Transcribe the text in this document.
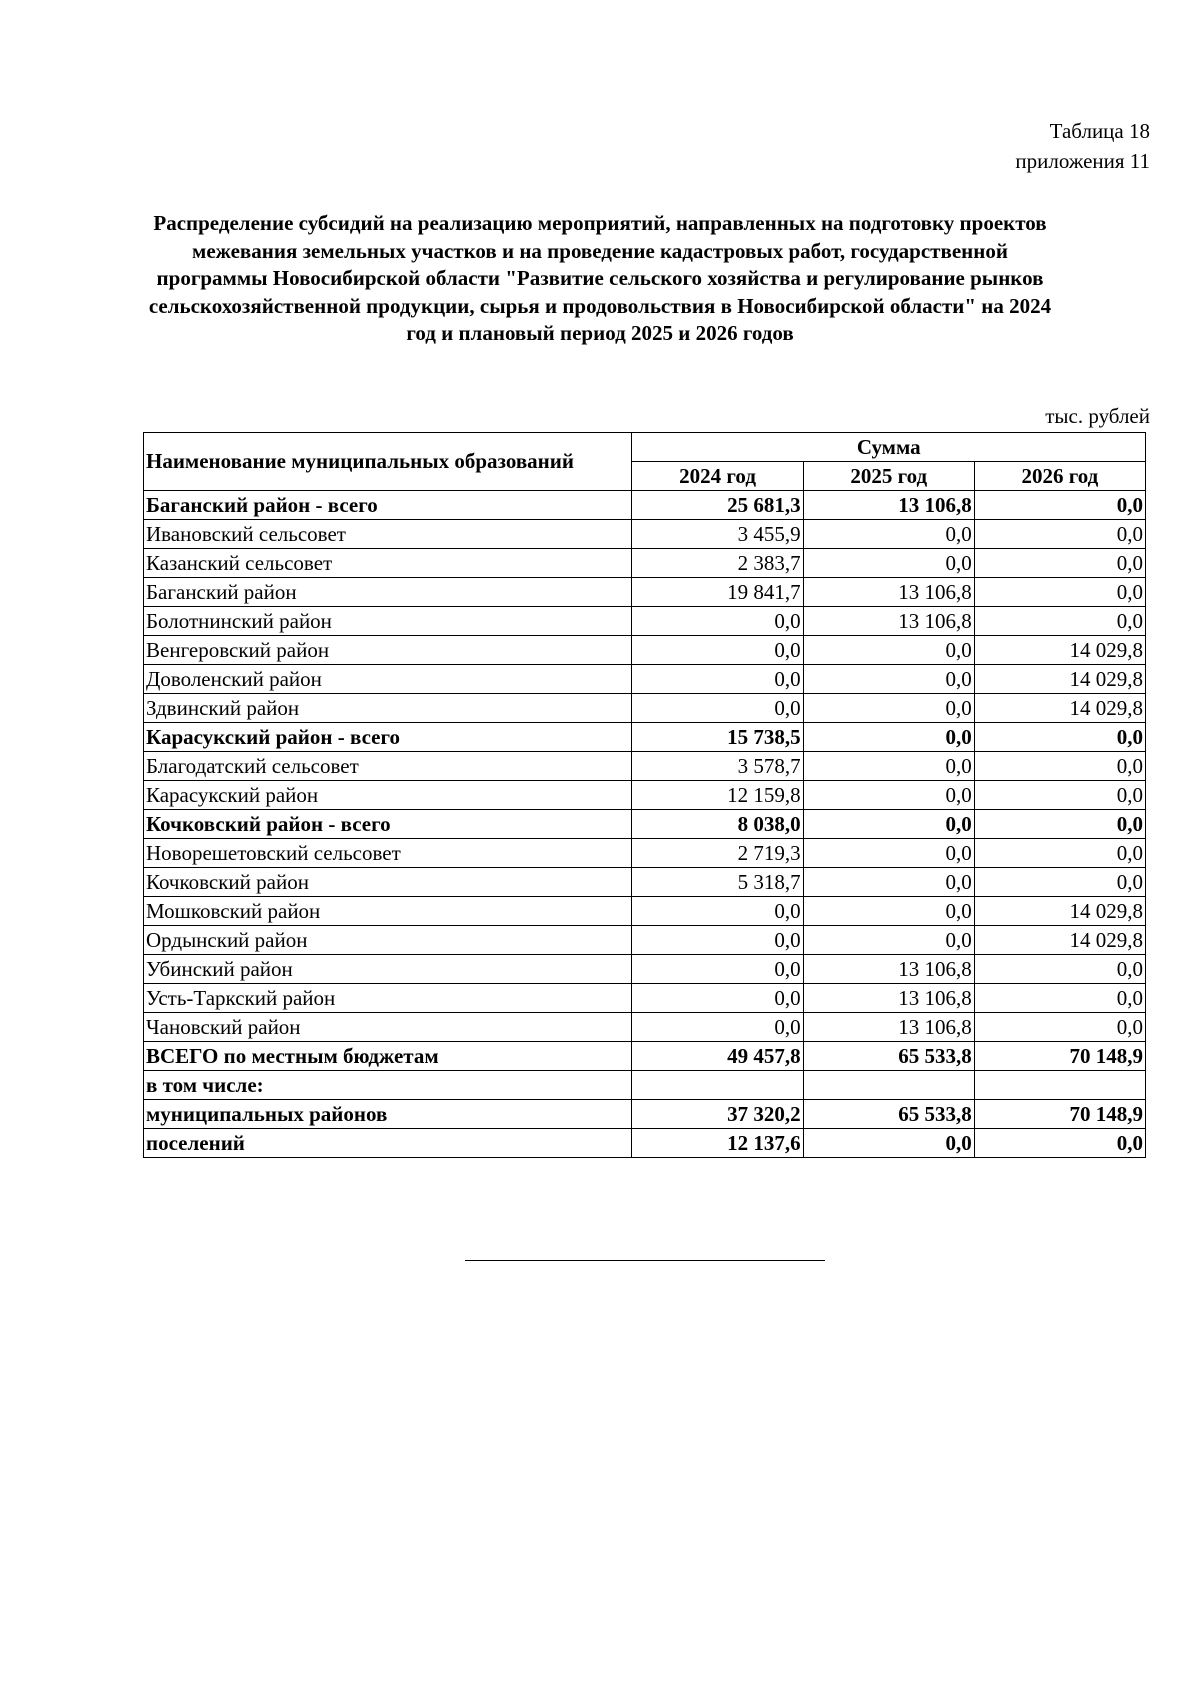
Таблица 18
приложения 11
Распределение субсидий на реализацию мероприятий, направленных на подготовку проектов межевания земельных участков и на проведение кадастровых работ, государственной программы Новосибирской области "Развитие сельского хозяйства и регулирование рынков сельскохозяйственной продукции, сырья и продовольствия в Новосибирской области" на 2024 год и плановый период 2025 и 2026 годов
тыс. рублей
Наименование муниципальных образований	Сумма		
	2024 год	2025 год	2026 год
Баганский район - всего	25 681,3	13 106,8	0,0
Ивановский сельсовет	3 455,9	0,0	0,0
Казанский сельсовет	2 383,7	0,0	0,0
Баганский район	19 841,7	13 106,8	0,0
Болотнинский район	0,0	13 106,8	0,0
Венгеровский район	0,0	0,0	14 029,8
Доволенский район	0,0	0,0	14 029,8
Здвинский район	0,0	0,0	14 029,8
Карасукский район - всего	15 738,5	0,0	0,0
Благодатский сельсовет	3 578,7	0,0	0,0
Карасукский район	12 159,8	0,0	0,0
Кочковский район - всего	8 038,0	0,0	0,0
Новорешетовский сельсовет	2 719,3	0,0	0,0
Кочковский район	5 318,7	0,0	0,0
Мошковский район	0,0	0,0	14 029,8
Ордынский район	0,0	0,0	14 029,8
Убинский район	0,0	13 106,8	0,0
Усть-Таркский район	0,0	13 106,8	0,0
Чановский район	0,0	13 106,8	0,0
ВСЕГО по местным бюджетам	49 457,8	65 533,8	70 148,9
в том числе:			
муниципальных районов	37 320,2	65 533,8	70 148,9
поселений	12 137,6	0,0	0,0
